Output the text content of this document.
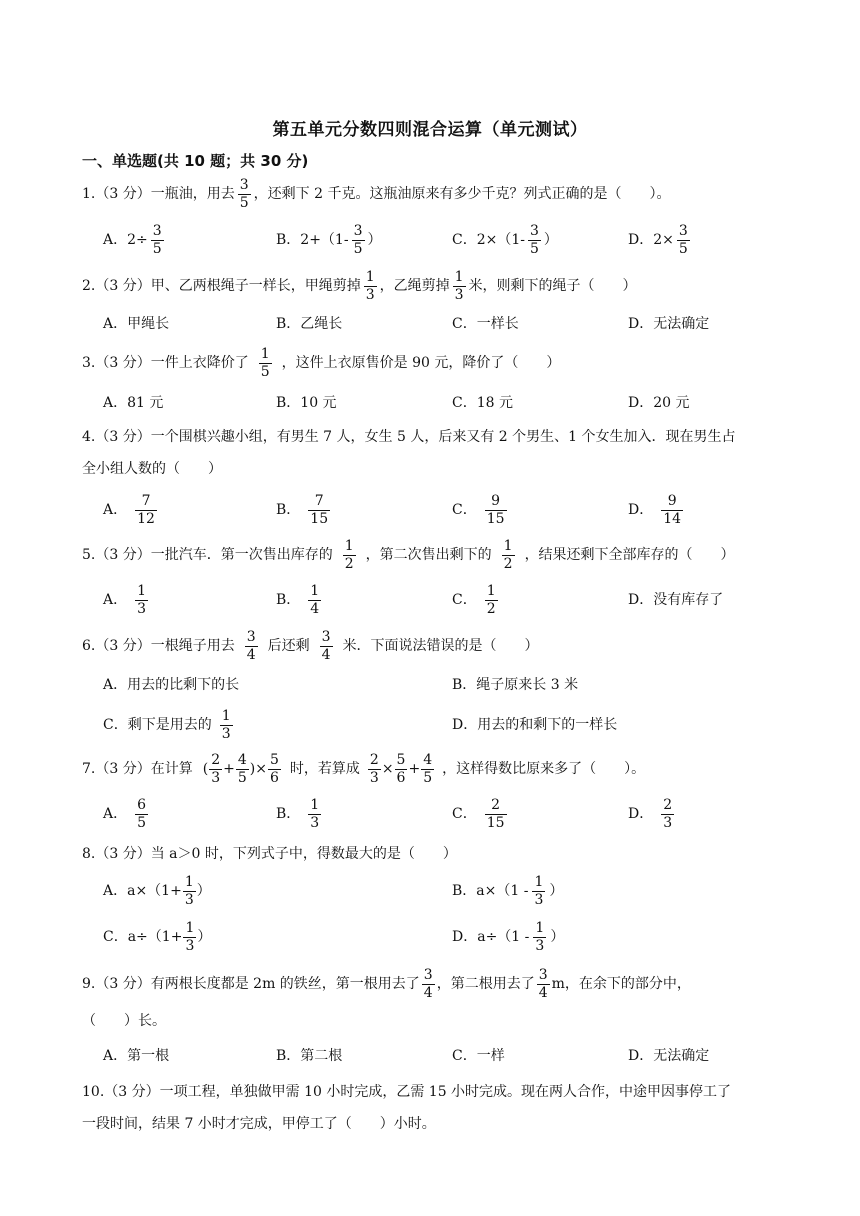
第五单元分数四则混合运算（单元测试）
一、单选题(共 10 题；共 30 分)
1.（3 分）一瓶油，用去 $\frac{3}{5}$ ，还剩下 2 千克。这瓶油原来有多少千克？列式正确的是（　　）。
A．$2\div \frac{3}{5}$	B．$2+(1- \frac{3}{5}$ ）	C．$2\times(1- \frac{3}{5}$ ）	D．$2\times \frac{3}{5}$
2.（3 分）甲、乙两根绳子一样长，甲绳剪掉 $\frac{1}{3}$ ，乙绳剪掉 $\frac{1}{3}$ 米，则剩下的绳子（　　）
A．甲绳长	B．乙绳长	C．一样长	D．无法确定
3.（3 分）一件上衣降价了 $\frac{1}{5}$ ，这件上衣原售价是 90 元，降价了（　　）
A．81 元	B．10 元	C．18 元	D．20 元
4.（3 分）一个围棋兴趣小组，有男生 7 人，女生 5 人，后来又有 2 个男生、1 个女生加入．现在男生占
全小组人数的（　　）
A． $\frac{7}{12}$	B． $\frac{7}{15}$	C． $\frac{9}{15}$	D． $\frac{9}{14}$
5.（3 分）一批汽车．第一次售出库存的 $\frac{1}{2}$ ，第二次售出剩下的 $\frac{1}{2}$ ，结果还剩下全部库存的（　　）
A． $\frac{1}{3}$	B． $\frac{1}{4}$	C． $\frac{1}{2}$	D．没有库存了
6.（3 分）一根绳子用去 $\frac{3}{4}$ 后还剩 $\frac{3}{4}$ 米．下面说法错误的是（　　）
A．用去的比剩下的长	B．绳子原来长 3 米
C．剩下是用去的 $\frac{1}{3}$	D．用去的和剩下的一样长
7.（3 分）在计算 ( $\frac{2}{3} + \frac{4}{5}$ )× $\frac{5}{6}$ 时，若算成 $\frac{2}{3} \times \frac{5}{6} + \frac{4}{5}$ ，这样得数比原来多了（　　）。
A． $\frac{6}{5}$	B． $\frac{1}{3}$	C． $\frac{2}{15}$	D． $\frac{2}{3}$
8.（3 分）当 a＞0 时，下列式子中，得数最大的是（　　）
A．$a\times(1+ \frac{1}{3}$ ）	B．$a\times(1 - \frac{1}{3}$ ）
C．$a\div(1+ \frac{1}{3}$ ）	D．$a\div(1 - \frac{1}{3}$ ）
9.（3 分）有两根长度都是 2m 的铁丝，第一根用去了 $\frac{3}{4}$ ，第二根用去了 $\frac{3}{4}$ m，在余下的部分中，
（　　）长。
A．第一根	B．第二根	C．一样	D．无法确定
10.（3 分）一项工程，单独做甲需 10 小时完成，乙需 15 小时完成。现在两人合作，中途甲因事停工了
一段时间，结果 7 小时才完成，甲停工了（　　）小时。
